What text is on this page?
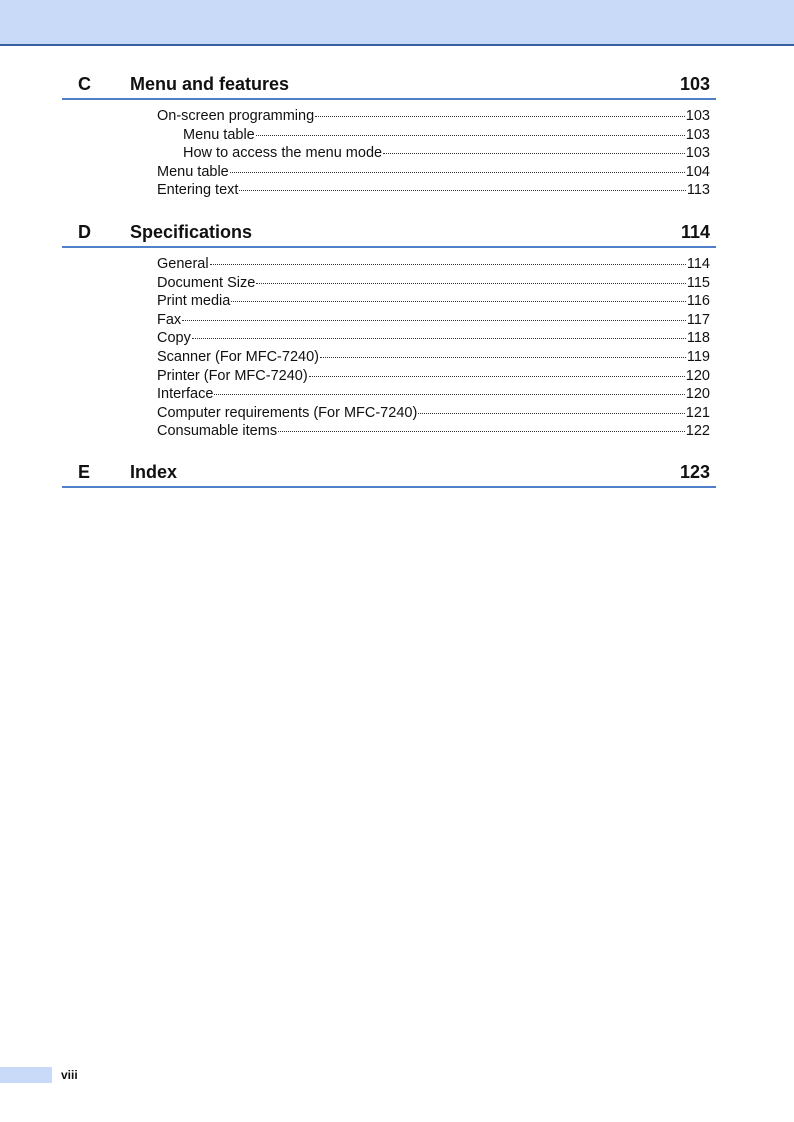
C Menu and features	103
On-screen programming	103
Menu table	103
How to access the menu mode	103
Menu table	104
Entering text	113
D Specifications	114
General	114
Document Size	115
Print media	116
Fax	117
Copy	118
Scanner (For MFC-7240)	119
Printer (For MFC-7240)	120
Interface	120
Computer requirements (For MFC-7240)	121
Consumable items	122
E Index	123
viii
